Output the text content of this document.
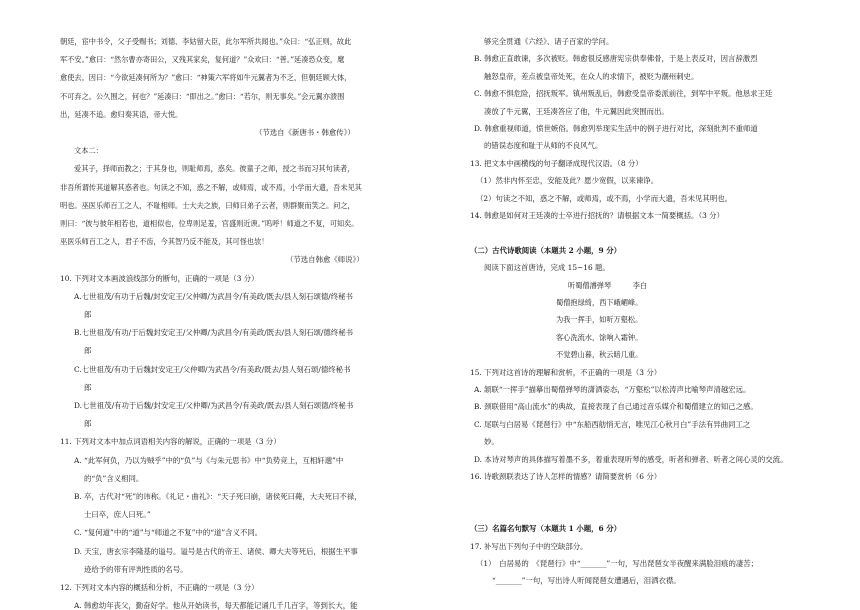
朝廷，宦中书令，父子受赐书；刘德、李姑留大臣，此尔军所共闻也。”众曰：“弘正则，故此
军不安。”愈曰：“然尔曹亦寄田公，又残其家矣，复何道？”众欢曰：“善。”延凑恐众变，麾
愈使去。因曰：“今欲延凑何所为？”愈曰：“神策六军将如牛元翼者为不乏，但朝廷顾大体，
不可弃之。公久围之，何也？”延凑曰：“即出之。”愈曰：“若尔，则无事矣。”会元翼亦溃围
出，延凑不追。愈归奏其语，帝大悦。
（节选自《新唐书・韩愈传》）
文本二：
爱其子，择师而教之；于其身也，则耻师焉，惑矣。彼童子之师，授之书而习其句读者，
非吾所谓传其道解其惑者也。句读之不知，惑之不解，或师焉，或不焉，小学而大遗，吾未见其
明也。巫医乐师百工之人，不耻相师。士大夫之族，曰师曰弟子云者，则群聚而笑之。问之，
则曰：“彼与彼年相若也，道相似也，位卑则足羞，官盛则近谀。”呜呼！师道之不复，可知矣。
巫医乐师百工之人，君子不齿，今其智乃反不能及，其可怪也欤！
（节选自韩愈《师说》）
10. 下列对文本画波浪线部分的断句，正确的一项是（3 分）
A.七世祖茂/有功于后魏/封安定王/父仲卿/为武昌令/有美政/既去/县人刻石颂德/终秘书
郎
B.七世祖茂/有功/于后魏封安定王/父仲卿/为武昌令/有美政/既去/县人刻石颂/德终秘书
郎
C.七世祖茂/有功于后魏封安定王/父仲卿/为武昌令/有美政/既去/县人刻石颂/德终秘书
郎
D.七世祖茂/有功于后魏/封安定王/父仲卿/为武昌令/有美政/既去/县人刻石颂德/终秘书
郎
11. 下列对文本中加点词语相关内容的解说，正确的一项是（3 分）
A. “此军何负，乃以为贼乎”中的“负”与《与朱元思书》中“负势竞上，互相轩邈”中
的“负”含义相同。
B. 卒，古代对“死”的讳称。《礼记・曲礼》：“天子死曰崩，诸侯死曰薨，大夫死曰不禄，
士曰卒，庶人曰死。”
C. “复何道”中的“道”与“师道之不复”中的“道”含义不同。
D. 天宝，唐玄宗李隆基的谥号。谥号是古代的帝王、诸侯、卿大夫等死后，根据生平事
迹给予的带有评判性质的名号。
12. 下列对文本内容的概括和分析，不正确的一项是（3 分）
A. 韩愈幼年丧父，勤奋好学。他从开始读书，每天都能记诵几千几百字，等到长大，能
够完全贯通《六经》、诸子百家的学问。
B. 韩愈正直敢谏，多次被贬。韩愈很反感唐宪宗供奉佛骨，于是上表反对，因言辞激烈
触怒皇帝，差点被皇帝处死，在众人的求情下，被贬为潮州刺史。
C. 韩愈不惧危险，招抚叛军。镇州叛乱后，韩愈受皇帝委派前往，到军中平叛。他恳求王廷
凑放了牛元翼，王廷凑答应了他，牛元翼因此突围而出。
D. 韩愈重视师道，愤世嫉俗。韩愈列举现实生活中的例子进行对比，深刻批判不重师道
的错误态度和耻于从师的不良风气。
13. 把文本中画横线的句子翻译成现代汉语。（8 分）
（1）然非内怀至忠，安能及此？愿少宽假，以来谏诤。
（2）句读之不知，惑之不解，或师焉，或不焉，小学而大遗，吾未见其明也。
14. 韩愈是如何对王廷凑的士卒进行招抚的？请根据文本一简要概括。（3 分）
（二）古代诗歌阅读（本题共 2 小题，9 分）
阅读下面这首唐诗，完成 15~16 题。
听蜀僧濬弹琴　　　李白
蜀僧抱绿绮，西下峨嵋峰。
为我一挥手，如听万壑松。
客心洗流水，馀响入霜钟。
不觉碧山暮，秋云暗几重。
15. 下列对这首诗的理解和赏析，不正确的一项是（3 分）
A. 颔联“一挥手”描摹出蜀僧弹琴的潇洒姿态，“万壑松”以松涛声比喻琴声清越宏远。
B. 颈联借用“高山流水”的典故，直接表现了自己通过音乐媒介和蜀僧建立的知己之感。
C. 尾联与白居易《琵琶行》中“东船西舫悄无言，唯见江心秋月白”手法有异曲同工之
妙。
D. 本诗对琴声的具体描写着墨不多，着重表现听琴的感受，听者和弹者、听者之间心灵的交流。
16. 诗歌颈联表达了诗人怎样的情感？请简要赏析（6 分）
（三）名篇名句默写（本题共 1 小题，6 分）
17. 补写出下列句子中的空缺部分。
（1）　白居易的　《琵琶行》中“_______”一句，写出琵琶女半夜醒来满脸泪痕的凄苦；
“_______”一句，写出诗人听闻琵琶女遭遇后，泪洒衣襟。
